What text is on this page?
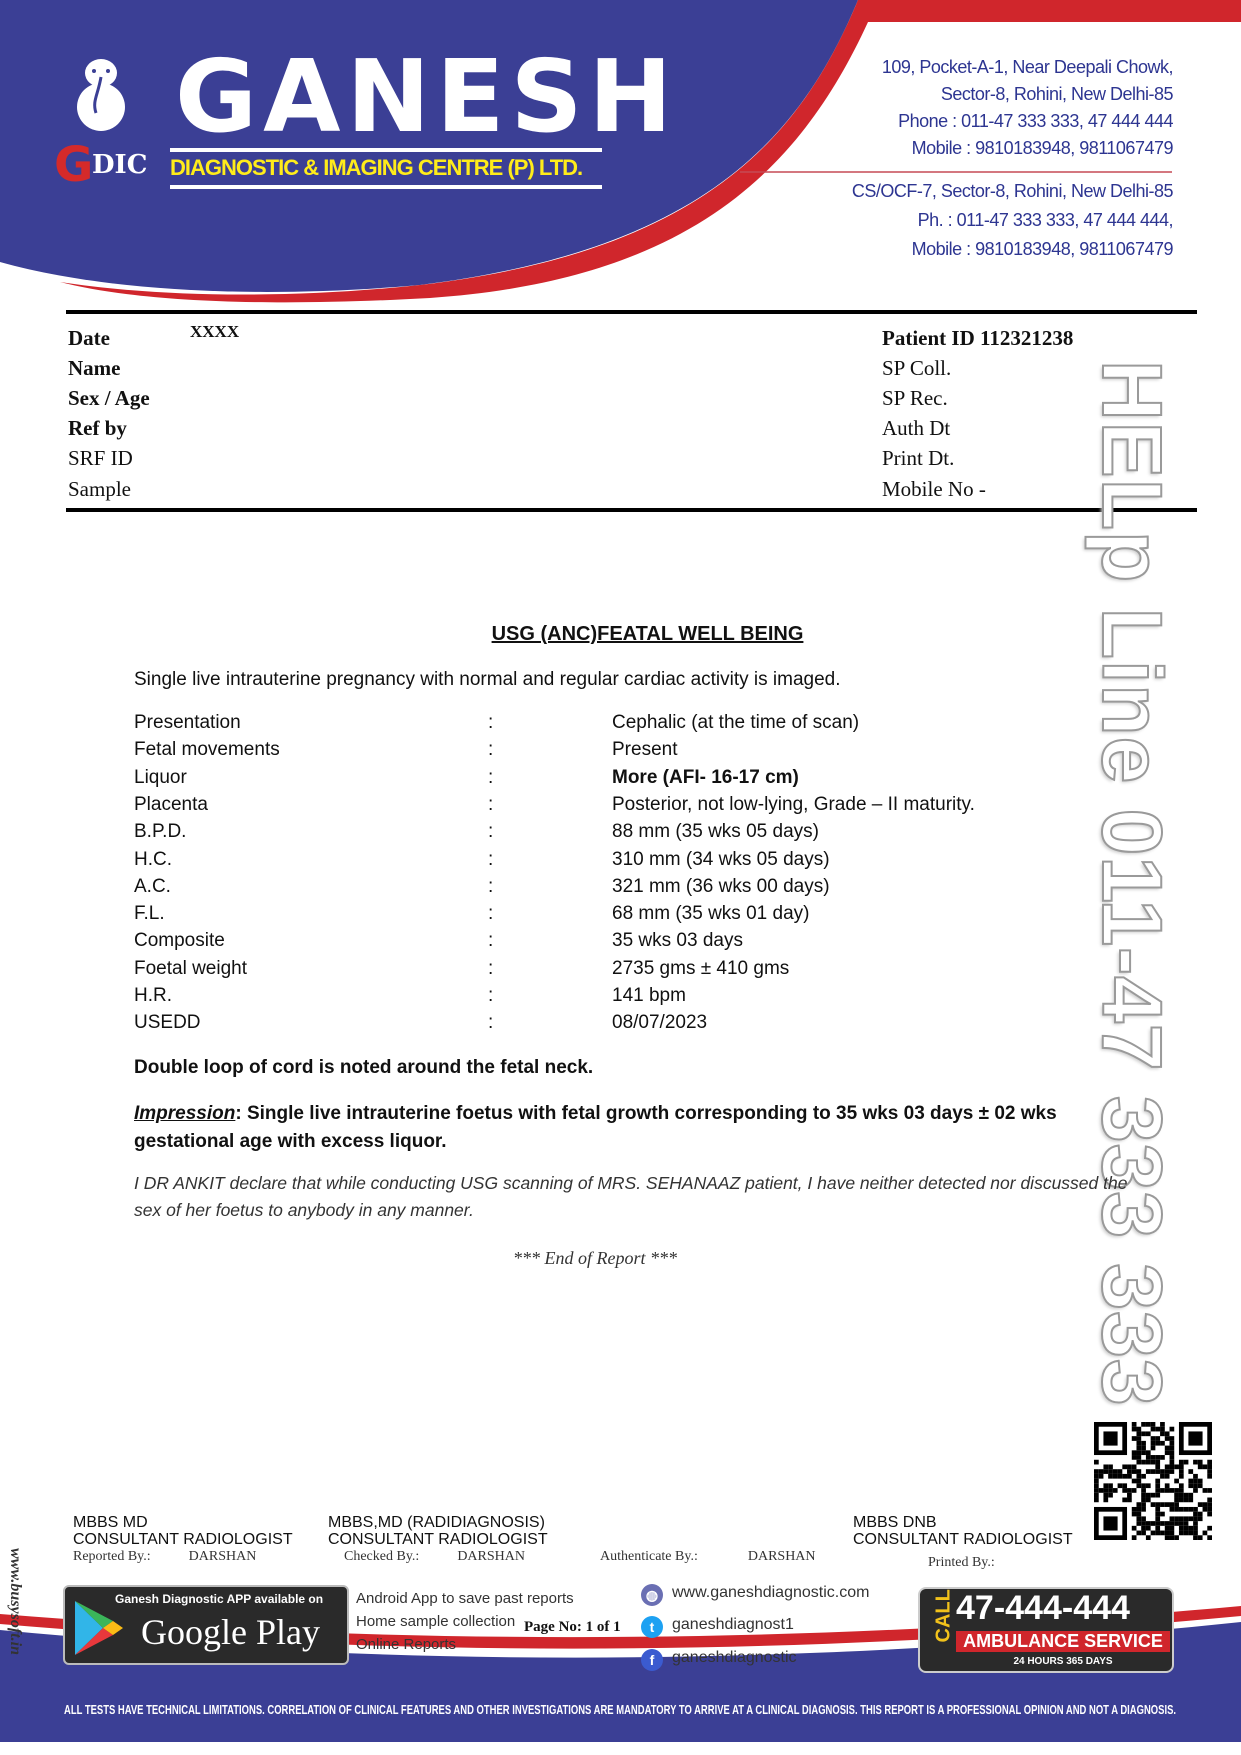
G
DIC
GANESH
DIAGNOSTIC & IMAGING CENTRE (P) LTD.
109, Pocket-A-1, Near Deepali Chowk,
Sector-8, Rohini, New Delhi-85
Phone : 011-47 333 333, 47 444 444
Mobile : 9810183948, 9811067479
CS/OCF-7, Sector-8, Rohini, New Delhi-85
Ph. : 011-47 333 333, 47 444 444,
Mobile : 9810183948, 9811067479
Date	XXXX
Name
Sex / Age
Ref by
SRF ID
Sample
Patient ID 112321238
SP Coll.
SP Rec.
Auth Dt
Print Dt.
Mobile No - HELp Line 011-47 333 333
USG (ANC)FEATAL WELL BEING
Single live intrauterine pregnancy with normal and regular cardiac activity is imaged.
Presentation	:	Cephalic (at the time of scan)
Fetal movements	:	Present
Liquor	:	More (AFI- 16-17 cm)
Placenta	:	Posterior, not low-lying, Grade – II maturity.
B.P.D.	:	88 mm (35 wks 05 days)
H.C.	:	310 mm (34 wks 05 days)
A.C.	:	321 mm (36 wks 00 days)
F.L.	:	68 mm (35 wks 01 day)
Composite	:	35 wks 03 days
Foetal weight	:	2735 gms ± 410 gms
H.R.	:	141 bpm
USEDD	:	08/07/2023
Double loop of cord is noted around the fetal neck.
Impression: Single live intrauterine foetus with fetal growth corresponding to 35 wks 03 days ± 02 wks gestational age with excess liquor.
I DR ANKIT declare that while conducting USG scanning of MRS. SEHANAAZ patient, I have neither detected nor discussed the sex of her foetus to anybody in any manner.
*** End of Report ***
MBBS MD
CONSULTANT RADIOLOGIST
Reported By.:	DARSHAN
MBBS,MD (RADIDIAGNOSIS)
CONSULTANT RADIOLOGIST
Checked By.:	DARSHAN	Authenticate By.:	DARSHAN
MBBS DNB
CONSULTANT RADIOLOGIST
Printed By.:
www.busysoft.in	Ganesh Diagnostic APP available on
Google Play
Android App to save past reports
Home sample collection
Online Reports
Page No: 1 of 1
◍ www.ganeshdiagnostic.com
t	ganeshdiagnost1
f	ganeshdiagnostic
CALL 47-444-444
AMBULANCE SERVICE
24 HOURS 365 DAYS
ALL TESTS HAVE TECHNICAL LIMITATIONS. CORRELATION OF CLINICAL FEATURES AND OTHER INVESTIGATIONS ARE MANDATORY TO ARRIVE AT A CLINICAL DIAGNOSIS. THIS REPORT IS A PROFESSIONAL OPINION AND NOT A DIAGNOSIS.
